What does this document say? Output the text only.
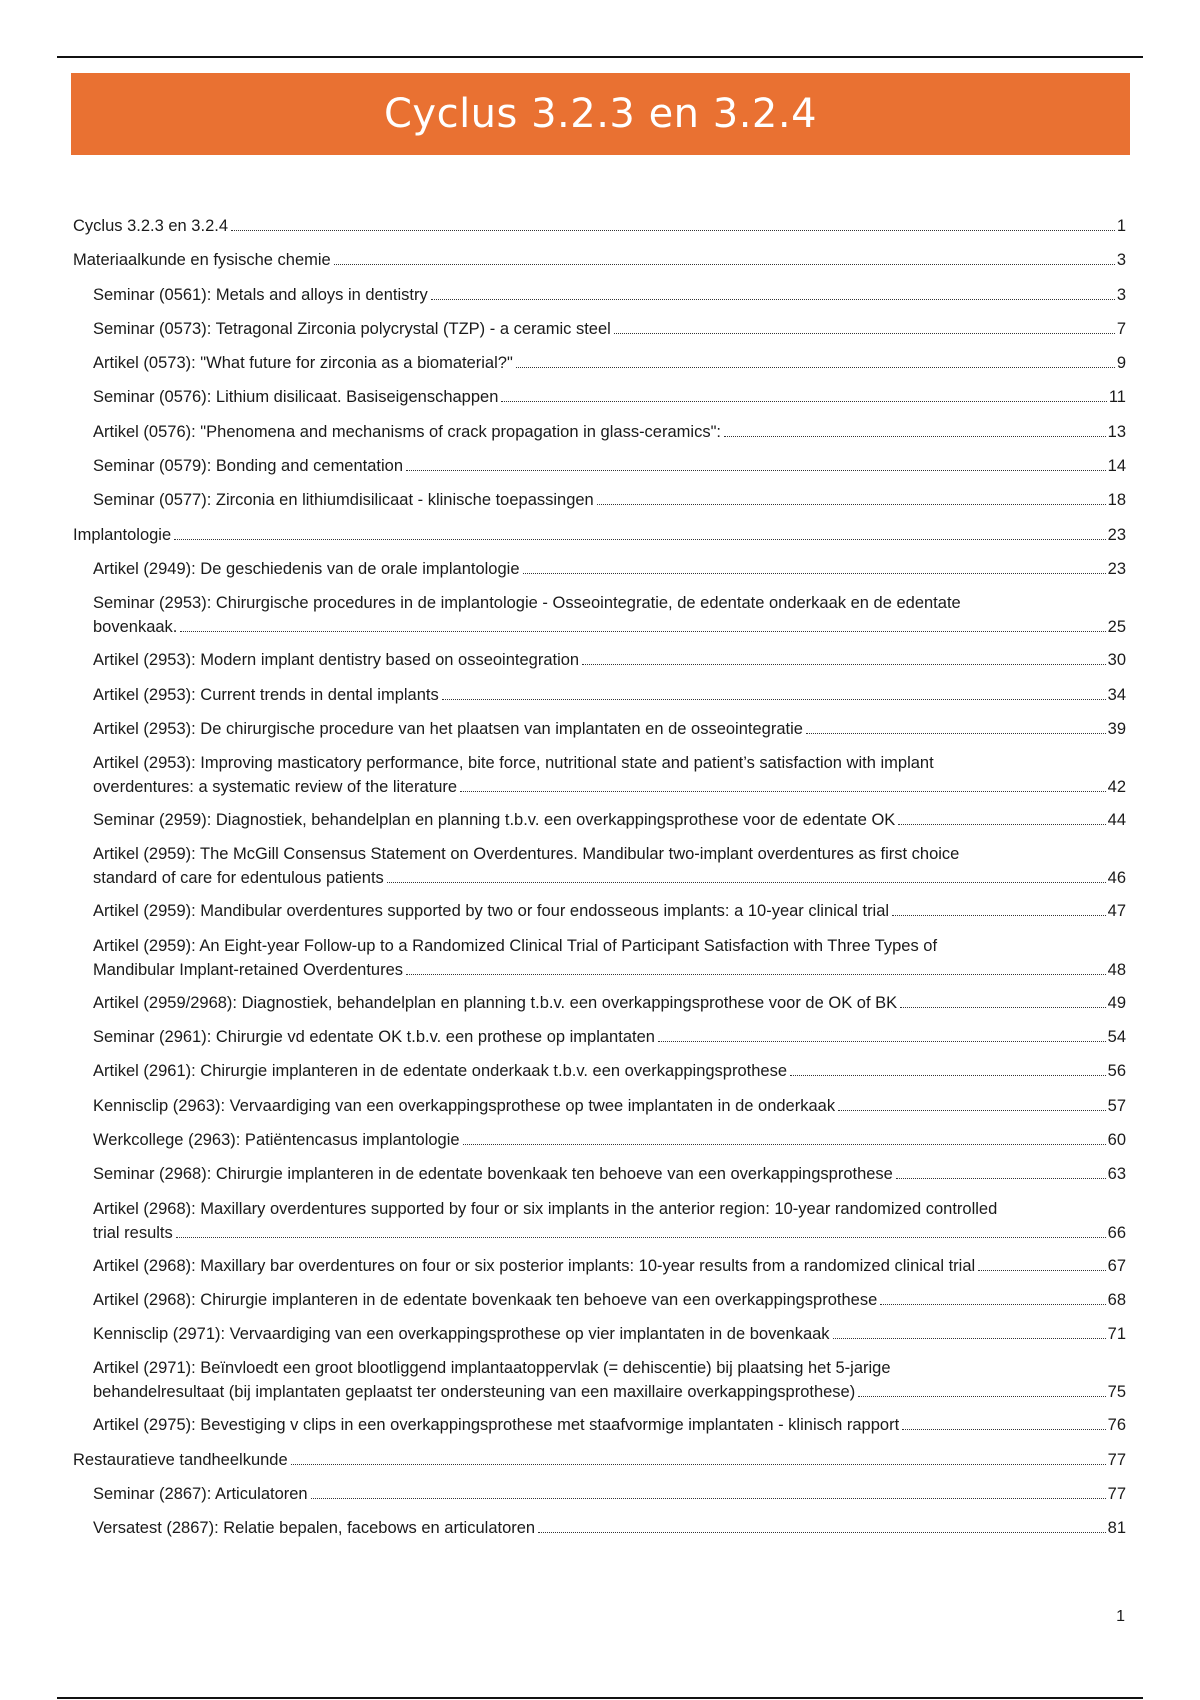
Cyclus 3.2.3 en 3.2.4
Cyclus 3.2.3 en 3.2.4	1
Materiaalkunde en fysische chemie	3
Seminar (0561): Metals and alloys in dentistry	3
Seminar (0573): Tetragonal Zirconia polycrystal (TZP) - a ceramic steel	7
Artikel (0573): "What future for zirconia as a biomaterial?"	9
Seminar (0576): Lithium disilicaat. Basiseigenschappen	11
Artikel (0576): "Phenomena and mechanisms of crack propagation in glass-ceramics":	13
Seminar (0579): Bonding and cementation	14
Seminar (0577): Zirconia en lithiumdisilicaat - klinische toepassingen	18
Implantologie	23
Artikel (2949): De geschiedenis van de orale implantologie	23
Seminar (2953): Chirurgische procedures in de implantologie - Osseointegratie, de edentate onderkaak en de edentate
bovenkaak.	25
Artikel (2953): Modern implant dentistry based on osseointegration	30
Artikel (2953): Current trends in dental implants	34
Artikel (2953): De chirurgische procedure van het plaatsen van implantaten en de osseointegratie	39
Artikel (2953): Improving masticatory performance, bite force, nutritional state and patient’s satisfaction with implant
overdentures: a systematic review of the literature	42
Seminar (2959): Diagnostiek, behandelplan en planning t.b.v. een overkappingsprothese voor de edentate OK	44
Artikel (2959): The McGill Consensus Statement on Overdentures. Mandibular two-implant overdentures as first choice
standard of care for edentulous patients	46
Artikel (2959): Mandibular overdentures supported by two or four endosseous implants: a 10-year clinical trial	47
Artikel (2959): An Eight-year Follow-up to a Randomized Clinical Trial of Participant Satisfaction with Three Types of
Mandibular Implant-retained Overdentures	48
Artikel (2959/2968): Diagnostiek, behandelplan en planning t.b.v. een overkappingsprothese voor de OK of BK	49
Seminar (2961): Chirurgie vd edentate OK t.b.v. een prothese op implantaten	54
Artikel (2961): Chirurgie implanteren in de edentate onderkaak t.b.v. een overkappingsprothese	56
Kennisclip (2963): Vervaardiging van een overkappingsprothese op twee implantaten in de onderkaak	57
Werkcollege (2963): Patiëntencasus implantologie	60
Seminar (2968): Chirurgie implanteren in de edentate bovenkaak ten behoeve van een overkappingsprothese	63
Artikel (2968): Maxillary overdentures supported by four or six implants in the anterior region: 10-year randomized controlled
trial results	66
Artikel (2968): Maxillary bar overdentures on four or six posterior implants: 10-year results from a randomized clinical trial	67
Artikel (2968): Chirurgie implanteren in de edentate bovenkaak ten behoeve van een overkappingsprothese	68
Kennisclip (2971): Vervaardiging van een overkappingsprothese op vier implantaten in de bovenkaak	71
Artikel (2971): Beïnvloedt een groot blootliggend implantaatoppervlak (= dehiscentie) bij plaatsing het 5-jarige
behandelresultaat (bij implantaten geplaatst ter ondersteuning van een maxillaire overkappingsprothese)	75
Artikel (2975): Bevestiging v clips in een overkappingsprothese met staafvormige implantaten - klinisch rapport	76
Restauratieve tandheelkunde	77
Seminar (2867): Articulatoren	77
Versatest (2867): Relatie bepalen, facebows en articulatoren	81
1
